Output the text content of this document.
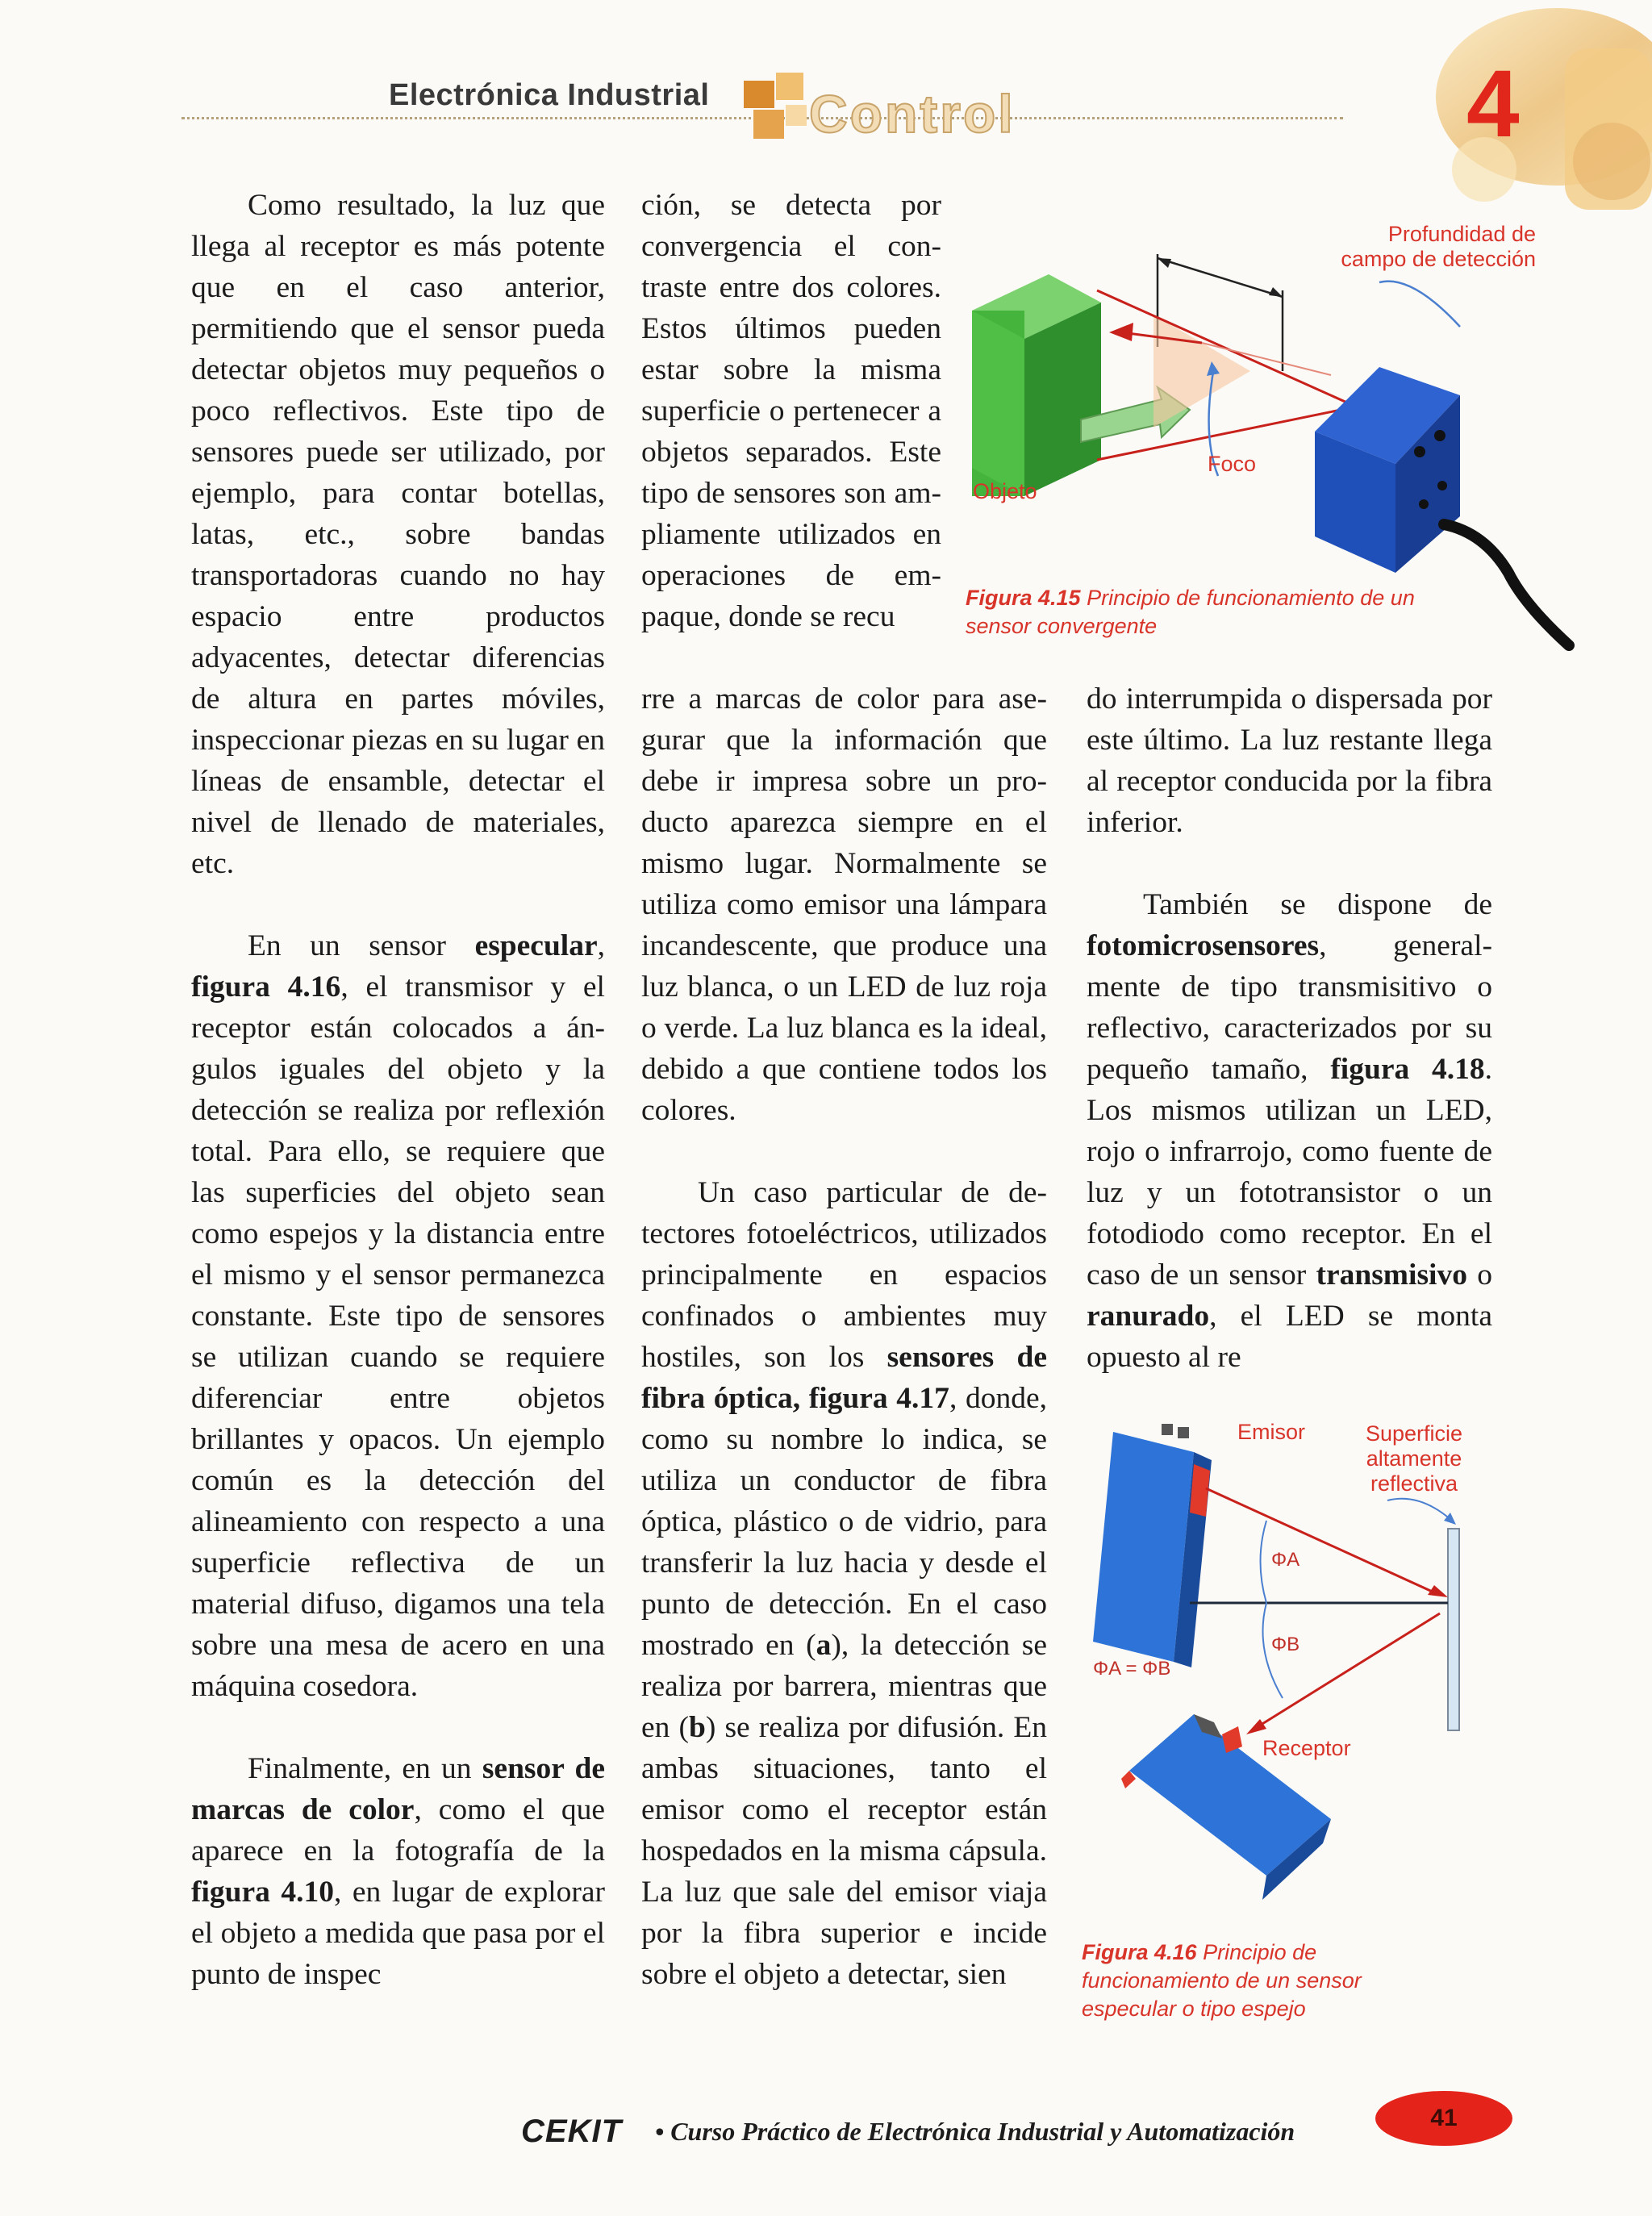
Electrónica Industrial Control	4

Como resultado, la luz que llega al receptor es más potente que en el caso anterior, permitiendo que el sensor pueda detectar objetos muy pequeños o poco reflectivos. Este tipo de sensores puede ser utilizado, por ejemplo, para contar botellas, latas, etc., sobre bandas transportadoras cuando no hay espacio entre productos adyacentes, detectar diferencias de altura en partes móviles, inspeccionar piezas en su lugar en líneas de ensamble, detectar el nivel de llenado de materiales, etc.

En un sensor especular, figura 4.16, el transmisor y el receptor están colocados a ángulos iguales del objeto y la detección se realiza por reflexión total. Para ello, se requiere que las superficies del objeto sean como espejos y la distancia entre el mismo y el sensor permanezca constante. Este tipo de sensores se utilizan cuando se requiere diferenciar entre objetos brillantes y opacos. Un ejemplo común es la detección del alineamiento con respecto a una superficie reflectiva de un material difuso, digamos una tela sobre una mesa de acero en una máquina cosedora.

Finalmente, en un sensor de marcas de color, como el que aparece en la fotografía de la figura 4.10, en lugar de explorar el objeto a medida que pasa por el punto de inspec

ción, se detecta por convergencia el contraste entre dos colores. Estos últimos pueden estar sobre la misma superficie o pertenecer a objetos separados. Este tipo de sensores son ampliamente utilizados en operaciones de empaque, donde se recu

rre a marcas de color para asegurar que la información que debe ir impresa sobre un producto aparezca siempre en el mismo lugar. Normalmente se utiliza como emisor una lámpara incandescente, que produce una luz blanca, o un LED de luz roja o verde. La luz blanca es la ideal, debido a que contiene todos los colores.

Un caso particular de detectores fotoeléctricos, utilizados principalmente en espacios confinados o ambientes muy hostiles, son los sensores de fibra óptica, figura 4.17, donde, como su nombre lo indica, se utiliza un conductor de fibra óptica, plástico o de vidrio, para transferir la luz hacia y desde el punto de detección. En el caso mostrado en (a), la detección se realiza por barrera, mientras que en (b) se realiza por difusión. En ambas situaciones, tanto el emisor como el receptor están hospedados en la misma cápsula. La luz que sale del emisor viaja por la fibra superior e incide sobre el objeto a detectar, sien

do interrumpida o dispersada por este último. La luz restante llega al receptor conducida por la fibra inferior.

También se dispone de fotomicrosensores, generalmente de tipo transmisitivo o reflectivo, caracterizados por su pequeño tamaño, figura 4.18. Los mismos utilizan un LED, rojo o infrarrojo, como fuente de luz y un fototransistor o un fotodiodo como receptor. En el caso de un sensor transmisivo o ranurado, el LED se monta opuesto al re

Profundidad de
campo de detección
Foco
Objeto
Figura 4.15 Principio de funcionamiento de un sensor convergente
Emisor	Superficie
altamente
reflectiva
ΦA
ΦB
ΦA = ΦB
Receptor
Figura 4.16 Principio de funcionamiento de un sensor especular o tipo espejo
CEKIT • Curso Práctico de Electrónica Industrial y Automatización	41
